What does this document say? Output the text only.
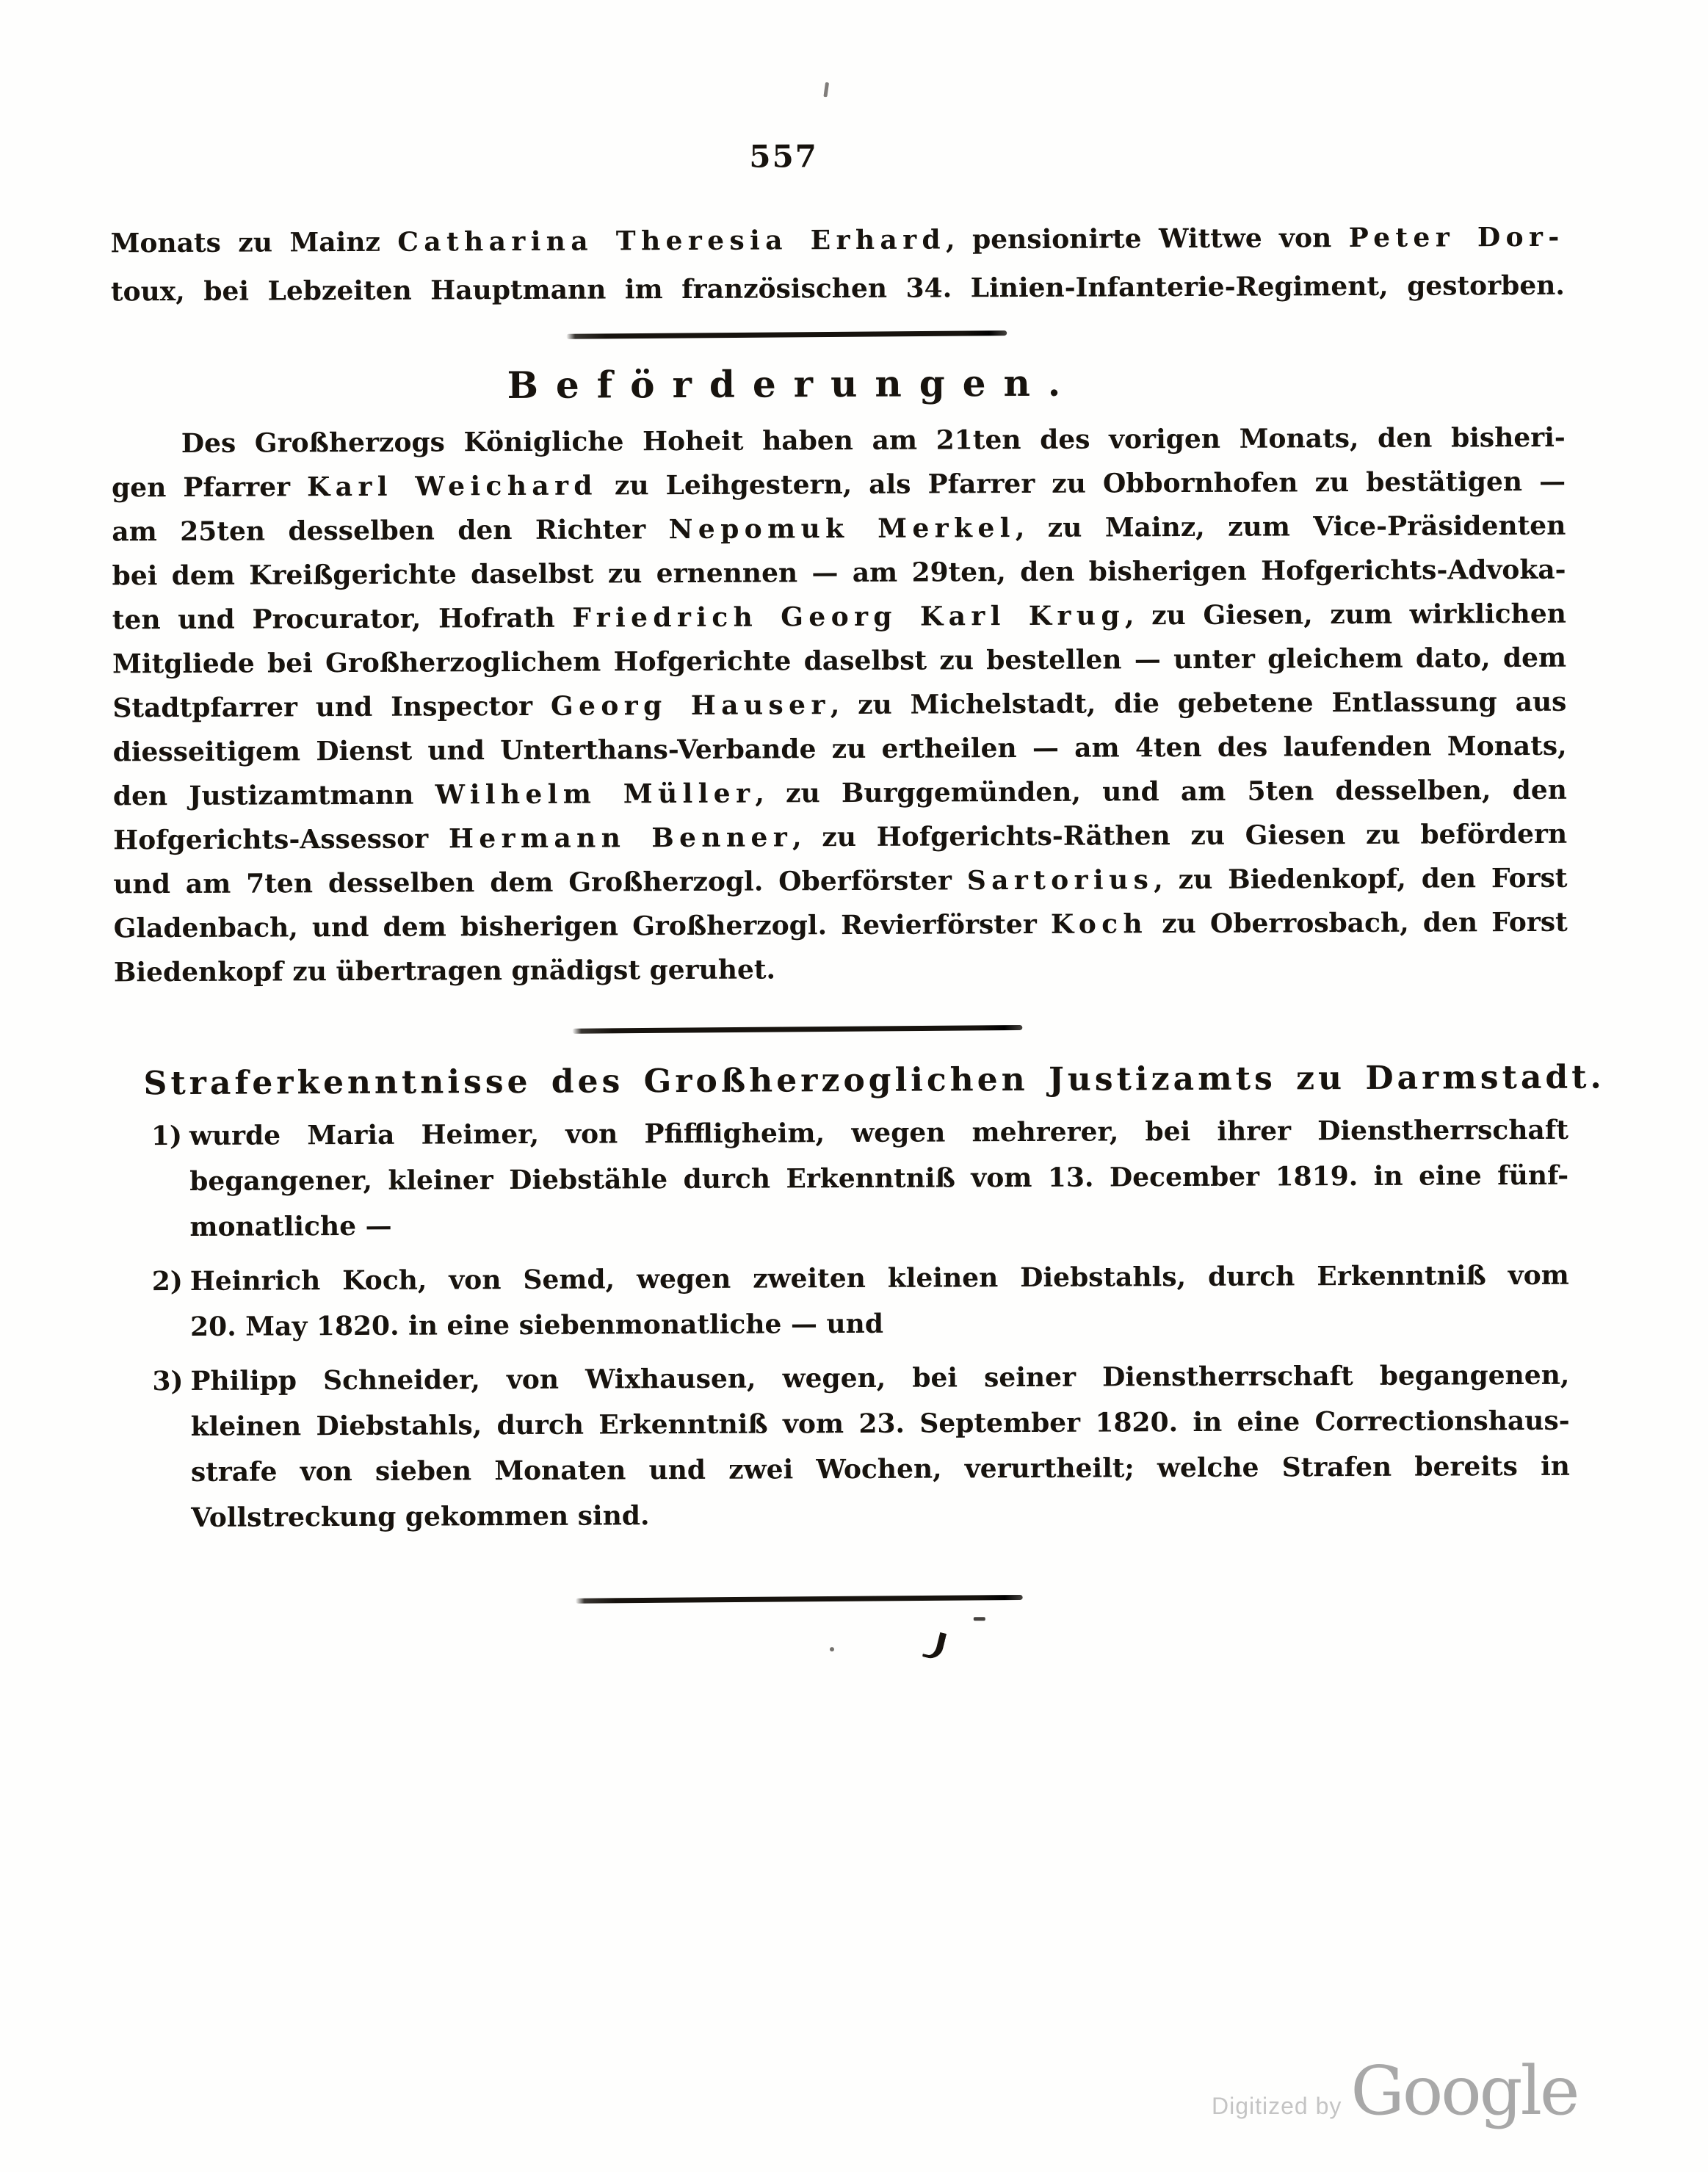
557
Monats zu Mainz Catharina Theresia Erhard, pensionirte Wittwe von Peter Dor-
toux, bei Lebzeiten Hauptmann im französischen 34. Linien-Infanterie-Regiment, gestorben.
Beförderungen.
Des Großherzogs Königliche Hoheit haben am 21ten des vorigen Monats, den bisheri-
gen Pfarrer Karl Weichard zu Leihgestern, als Pfarrer zu Obbornhofen zu bestätigen —
am 25ten desselben den Richter Nepomuk Merkel, zu Mainz, zum Vice-Präsidenten
bei dem Kreißgerichte daselbst zu ernennen — am 29ten, den bisherigen Hofgerichts-Advoka-
ten und Procurator, Hofrath Friedrich Georg Karl Krug, zu Giesen, zum wirklichen
Mitgliede bei Großherzoglichem Hofgerichte daselbst zu bestellen — unter gleichem dato, dem
Stadtpfarrer und Inspector Georg Hauser, zu Michelstadt, die gebetene Entlassung aus
diesseitigem Dienst und Unterthans-Verbande zu ertheilen — am 4ten des laufenden Monats,
den Justizamtmann Wilhelm Müller, zu Burggemünden, und am 5ten desselben, den
Hofgerichts-Assessor Hermann Benner, zu Hofgerichts-Räthen zu Giesen zu befördern
und am 7ten desselben dem Großherzogl. Oberförster Sartorius, zu Biedenkopf, den Forst
Gladenbach, und dem bisherigen Großherzogl. Revierförster Koch zu Oberrosbach, den Forst
Biedenkopf zu übertragen gnädigst geruhet.
Straferkenntnisse des Großherzoglichen Justizamts zu Darmstadt.
1) wurde Maria Heimer, von Pfiffligheim, wegen mehrerer, bei ihrer Dienstherrschaft
begangener, kleiner Diebstähle durch Erkenntniß vom 13. December 1819. in eine fünf-
monatliche —
2) Heinrich Koch, von Semd, wegen zweiten kleinen Diebstahls, durch Erkenntniß vom
20. May 1820. in eine siebenmonatliche — und
3) Philipp Schneider, von Wixhausen, wegen, bei seiner Dienstherrschaft begangenen,
kleinen Diebstahls, durch Erkenntniß vom 23. September 1820. in eine Correctionshaus-
strafe von sieben Monaten und zwei Wochen, verurtheilt; welche Strafen bereits in
Vollstreckung gekommen sind.
Digitized by Google
